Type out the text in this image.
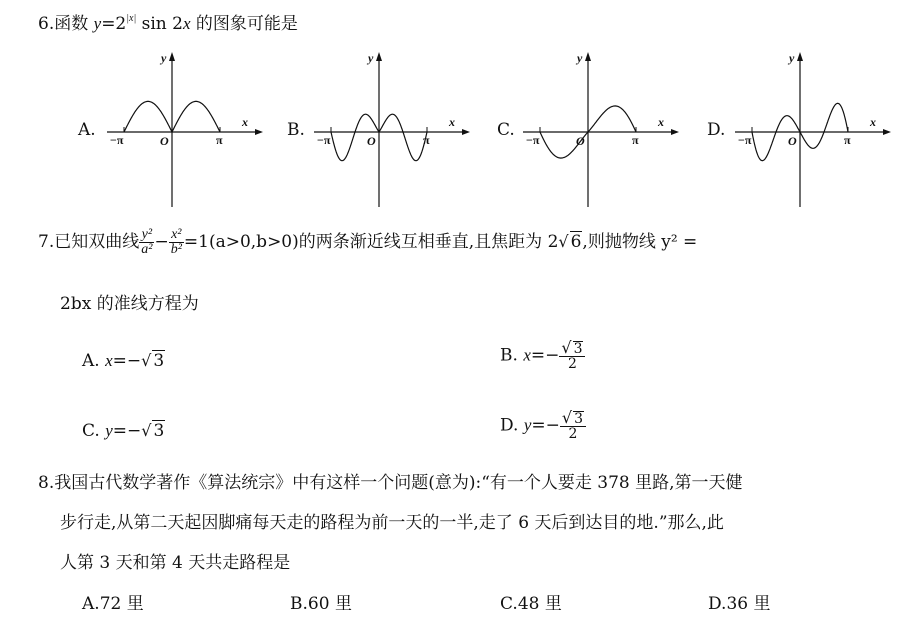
6.函数 $y=2^{|x|}$ sin 2x 的图象可能是
A. −π	π
O
x
y
B. −π	π
O
x
y
C. −π	π
O
x
y
D. −π	π
O
x
y
7.已知双曲线 $\frac{\text{y²}}{\text{a²}} - \frac{\text{x²}}{\text{b²}} =1(a>0,b>0)$的两条渐近线互相垂直,且焦距为 2√ 6,则抛物线 y² =
2bx 的准线方程为
A. x=−√ 3	B. $x=- \frac{√ 3}{2}$
C. y=−√ 3	D. $y=- \frac{√ 3}{2}$
8.我国古代数学著作《算法统宗》中有这样一个问题(意为):“有一个人要走 378 里路,第一天健
步行走,从第二天起因脚痛每天走的路程为前一天的一半,走了 6 天后到达目的地.”那么,此
人第 3 天和第 4 天共走路程是
A.72 里	B.60 里	C.48 里	D.36 里
